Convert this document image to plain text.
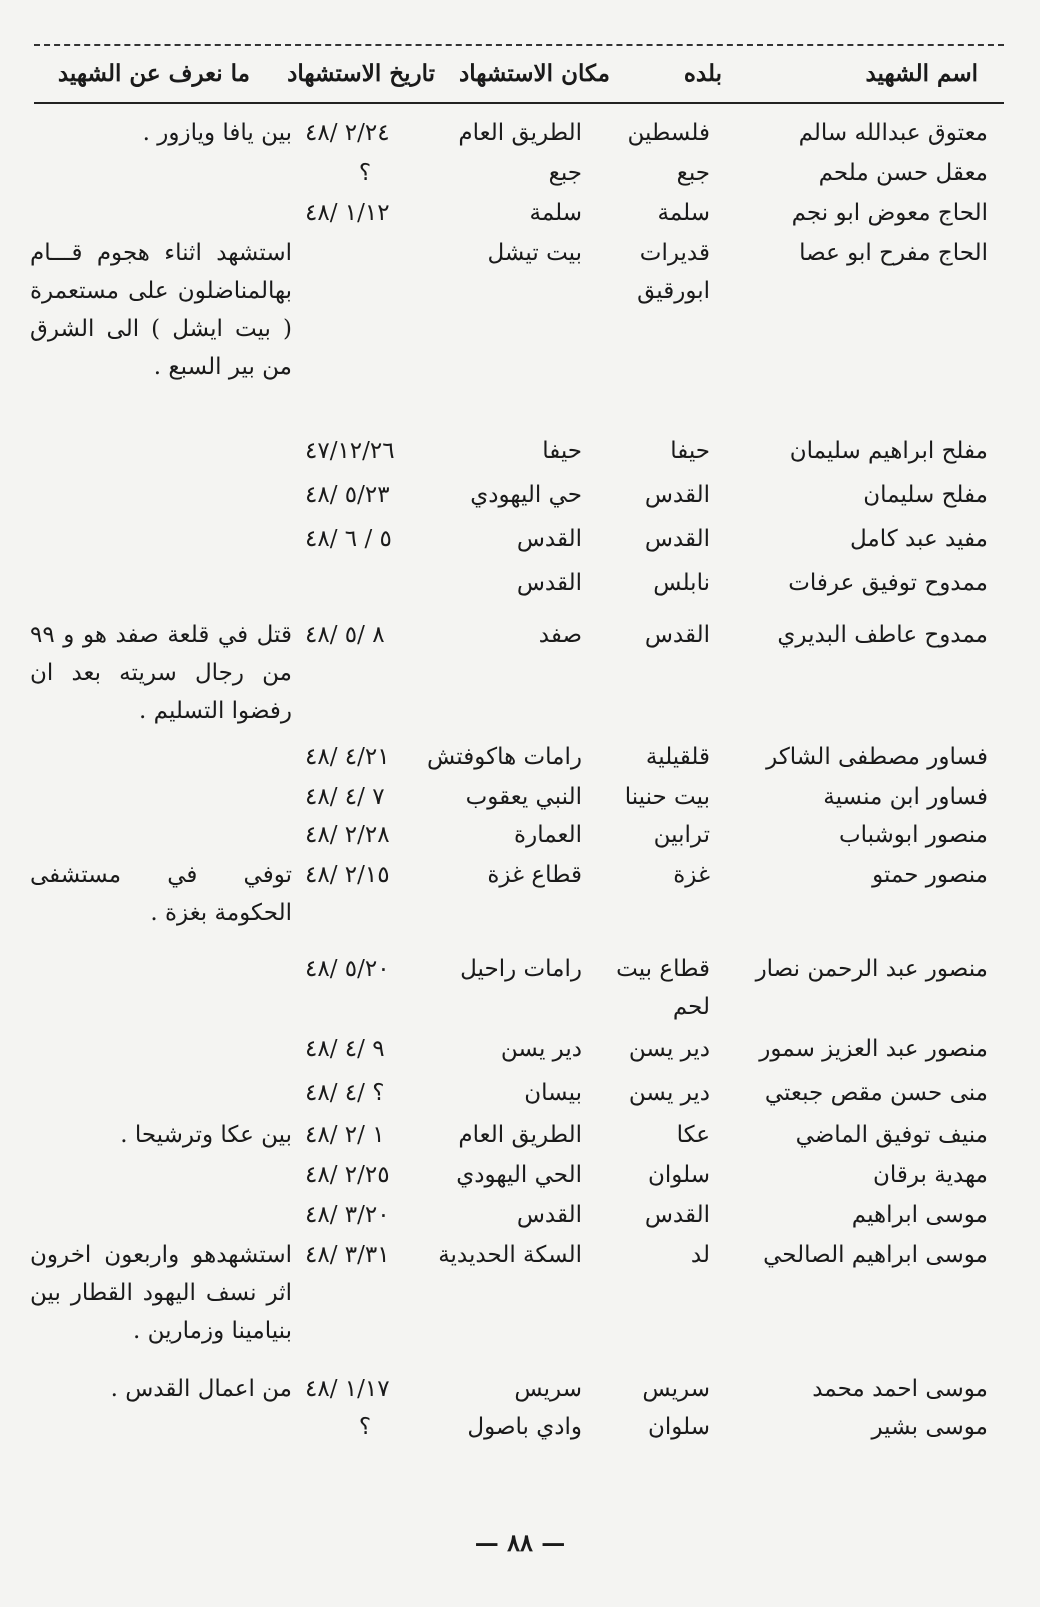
اسم الشهيد
بلده
مكان الاستشهاد
تاريخ الاستشهاد
ما نعرف عن الشهيد
معتوق عبدالله سالم
فلسطين
الطريق العام
٢/٢٤ /٤٨
بين يافا ويازور .
معقل حسن ملحم
جبع
جبع
؟
الحاج معوض ابو نجم
سلمة
سلمة
١/١٢ /٤٨
الحاج مفرح ابو عصا
قديرات ابورقيق
بيت تيشل
استشهد اثناء هجوم قـــام بهالمناضلون على مستعمرة ( بيت ايشل ) الى الشرق من بير السبع .
مفلح ابراهيم سليمان
حيفا
حيفا
٤٧/١٢/٢٦
مفلح سليمان
القدس
حي اليهودي
٥/٢٣ /٤٨
مفيد عبد كامل
القدس
القدس
٥ / ٦ /٤٨
ممدوح توفيق عرفات
نابلس
القدس
ممدوح عاطف البديري
القدس
صفد
٨ /٥ /٤٨
قتل في قلعة صفد هو و ٩٩ من رجال سريته بعد ان رفضوا التسليم .
فساور مصطفى الشاكر
قلقيلية
رامات هاكوفتش
٤/٢١ /٤٨
فساور ابن منسية
بيت حنينا
النبي يعقوب
٧ /٤ /٤٨
منصور ابوشباب
ترابين
العمارة
٢/٢٨ /٤٨
منصور حمتو
غزة
قطاع غزة
٢/١٥ /٤٨
توفي في مستشفى الحكومة بغزة .
منصور عبد الرحمن نصار
قطاع بيت لحم
رامات راحيل
٥/٢٠ /٤٨
منصور عبد العزيز سمور
دير يسن
دير يسن
٩ /٤ /٤٨
منى حسن مقص جبعتي
دير يسن
بيسان
؟ /٤ /٤٨
منيف توفيق الماضي
عكا
الطريق العام
١ /٢ /٤٨
بين عكا وترشيحا .
مهدية برقان
سلوان
الحي اليهودي
٢/٢٥ /٤٨
موسى ابراهيم
القدس
القدس
٣/٢٠ /٤٨
موسى ابراهيم الصالحي
لد
السكة الحديدية
٣/٣١ /٤٨
استشهدهو واربعون اخرون اثر نسف اليهود القطار بين بنيامينا وزمارين .
موسى احمد محمد
سريس
سريس
١/١٧ /٤٨
من اعمال القدس .
موسى بشير
سلوان
وادي باصول
؟
— ٨٨ —
